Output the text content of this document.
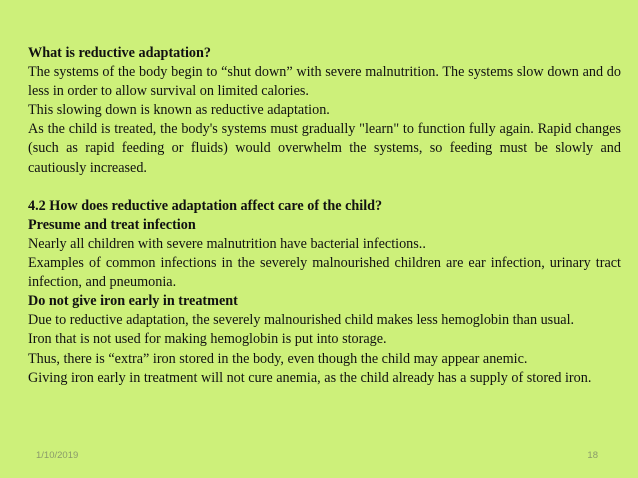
What is reductive adaptation?

The systems of the body begin to “shut down” with severe malnutrition. The systems slow down and do less in order to allow survival on limited calories.

This slowing down is known as reductive adaptation.

As the child is treated, the body's systems must gradually "learn" to function fully again. Rapid changes (such as rapid feeding or fluids) would overwhelm the systems, so feeding must be slowly and cautiously increased.

4.2 How does reductive adaptation affect care of the child?

Presume and treat infection

Nearly all children with severe malnutrition have bacterial infections..

Examples of common infections in the severely malnourished children are ear infection, urinary tract infection, and pneumonia.

Do not give iron early in treatment

Due to reductive adaptation, the severely malnourished child makes less hemoglobin than usual.

Iron that is not used for making hemoglobin is put into storage.

Thus, there is “extra” iron stored in the body, even though the child may appear anemic.

Giving iron early in treatment will not cure anemia, as the child already has a supply of stored iron.

1/10/2019	18
